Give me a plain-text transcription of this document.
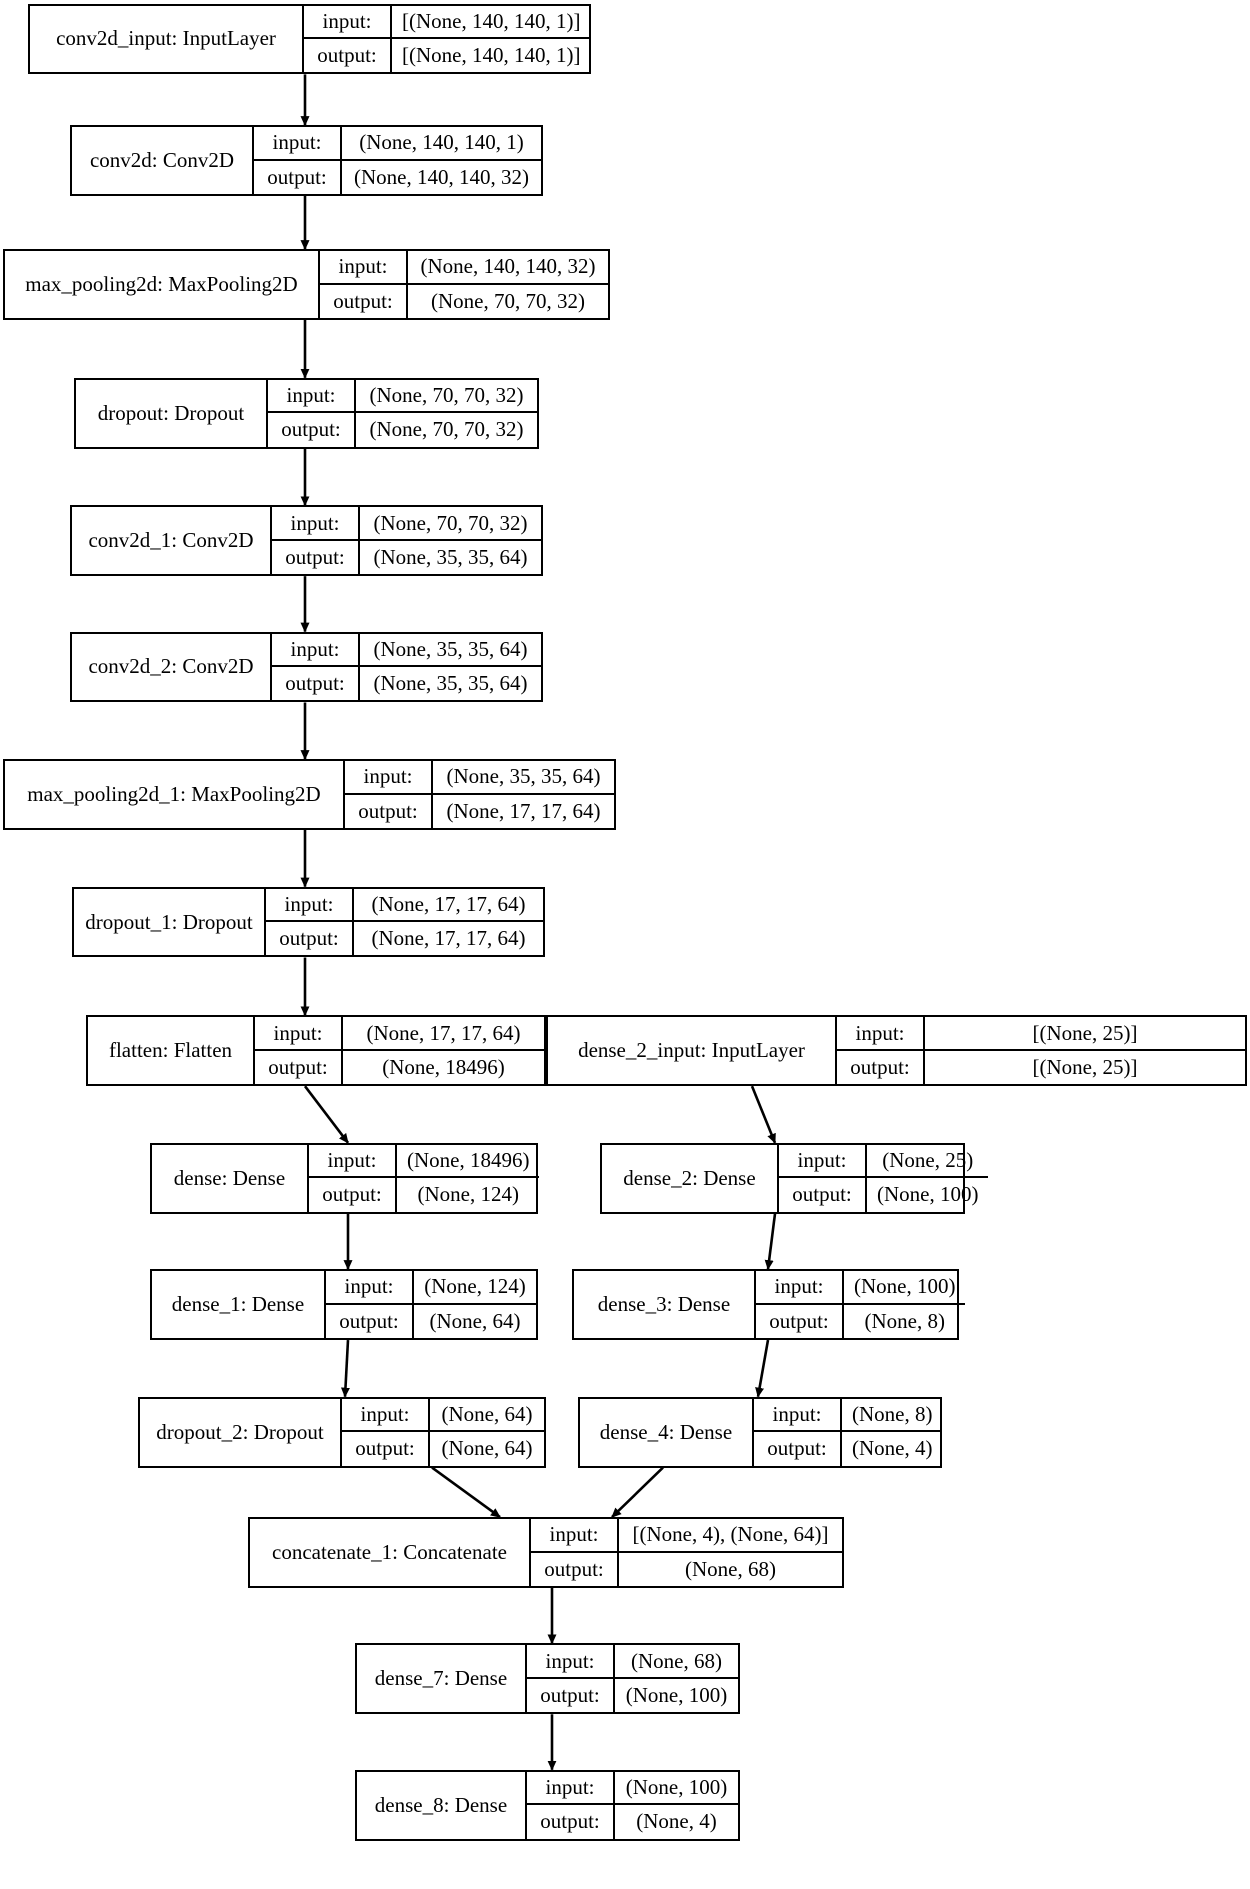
conv2d_input: InputLayer
input:	[(None, 140, 140, 1)]
output:	[(None, 140, 140, 1)]
conv2d: Conv2D
input:	(None, 140, 140, 1)
output:	(None, 140, 140, 32)
max_pooling2d: MaxPooling2D
input:	(None, 140, 140, 32)
output:	(None, 70, 70, 32)
dropout: Dropout
input:	(None, 70, 70, 32)
output:	(None, 70, 70, 32)
conv2d_1: Conv2D
input:	(None, 70, 70, 32)
output:	(None, 35, 35, 64)
conv2d_2: Conv2D
input:	(None, 35, 35, 64)
output:	(None, 35, 35, 64)
max_pooling2d_1: MaxPooling2D
input:	(None, 35, 35, 64)
output:	(None, 17, 17, 64)
dropout_1: Dropout
input:	(None, 17, 17, 64)
output:	(None, 17, 17, 64)
flatten: Flatten
input:	(None, 17, 17, 64)
output:	(None, 18496)
dense_2_input: InputLayer
input:	[(None, 25)]
output:	[(None, 25)]
dense: Dense
input:	(None, 18496)
output:	(None, 124)
dense_2: Dense
input:	(None, 25)
output:	(None, 100)
dense_1: Dense
input:	(None, 124)
output:	(None, 64)
dense_3: Dense
input:	(None, 100)
output:	(None, 8)
dropout_2: Dropout
input:	(None, 64)
output:	(None, 64)
dense_4: Dense
input:	(None, 8)
output:	(None, 4)
concatenate_1: Concatenate
input:	[(None, 4), (None, 64)]
output:	(None, 68)
dense_7: Dense
input:	(None, 68)
output:	(None, 100)
dense_8: Dense
input:	(None, 100)
output:	(None, 4)
